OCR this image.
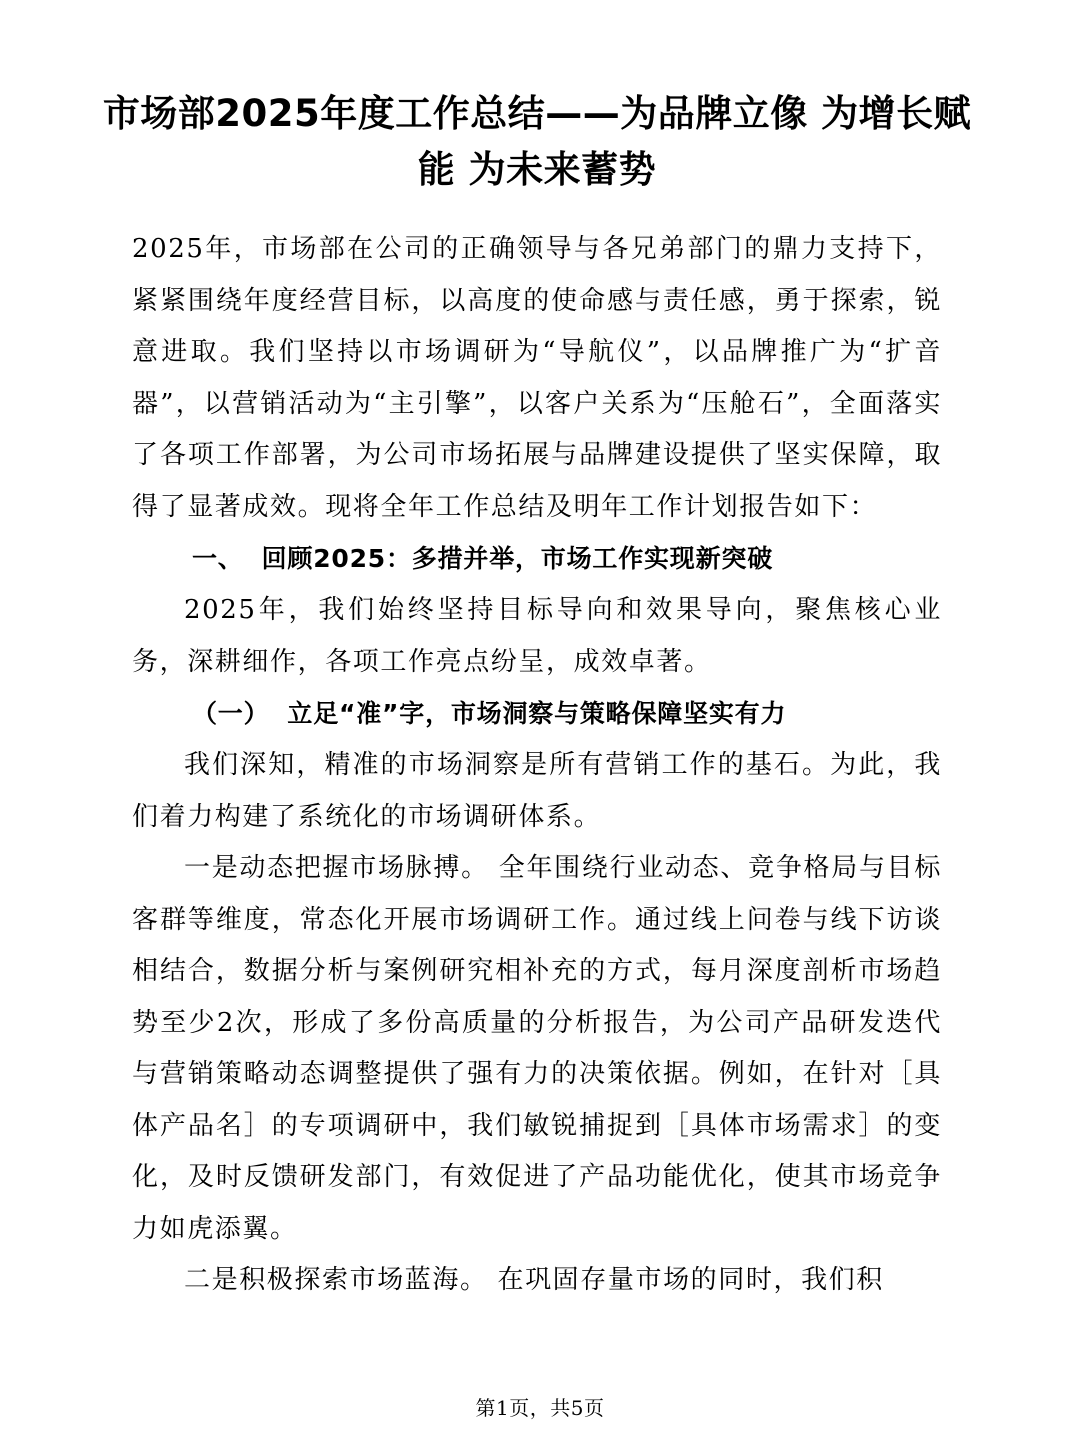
市场部2025年度工作总结——为品牌立像 为增长赋能 为未来蓄势

2025年，市场部在公司的正确领导与各兄弟部门的鼎力支持下，紧紧围绕年度经营目标，以高度的使命感与责任感，勇于探索，锐意进取。我们坚持以市场调研为“导航仪”，以品牌推广为“扩音器”，以营销活动为“主引擎”，以客户关系为“压舱石”，全面落实了各项工作部署，为公司市场拓展与品牌建设提供了坚实保障，取得了显著成效。现将全年工作总结及明年工作计划报告如下：

一、 回顾2025：多措并举，市场工作实现新突破

2025年，我们始终坚持目标导向和效果导向，聚焦核心业务，深耕细作，各项工作亮点纷呈，成效卓著。

（一） 立足“准”字，市场洞察与策略保障坚实有力

我们深知，精准的市场洞察是所有营销工作的基石。为此，我们着力构建了系统化的市场调研体系。

一是动态把握市场脉搏。 全年围绕行业动态、竞争格局与目标客群等维度，常态化开展市场调研工作。通过线上问卷与线下访谈相结合，数据分析与案例研究相补充的方式，每月深度剖析市场趋势至少2次，形成了多份高质量的分析报告，为公司产品研发迭代与营销策略动态调整提供了强有力的决策依据。例如，在针对［具体产品名］的专项调研中，我们敏锐捕捉到［具体市场需求］的变化，及时反馈研发部门，有效促进了产品功能优化，使其市场竞争力如虎添翼。

二是积极探索市场蓝海。 在巩固存量市场的同时，我们积

第1页，共5页
